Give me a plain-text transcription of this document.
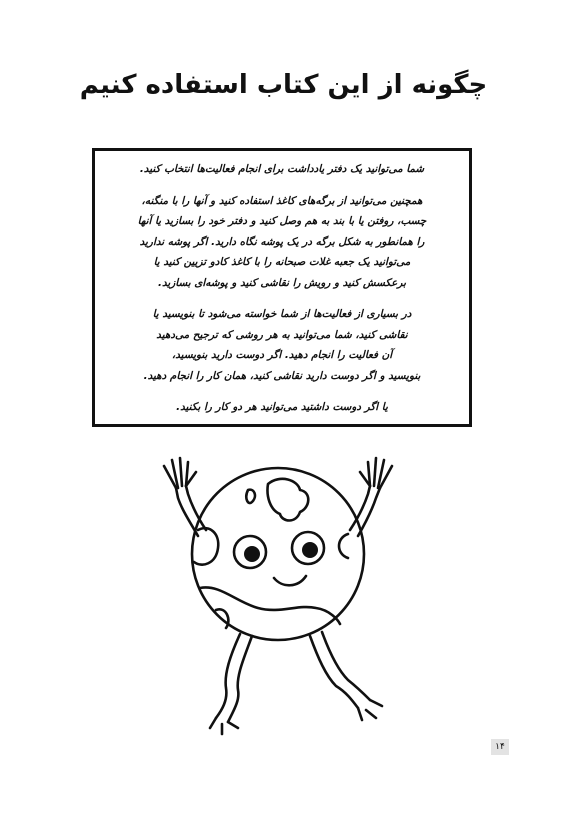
چگونه از این کتاب استفاده کنیم

شما می‌توانید یک دفتر یادداشت برای انجام فعالیت‌ها انتخاب کنید.

همچنین می‌توانید از برگه‌های کاغذ استفاده کنید و آنها را با منگنه،
چسب، روفتن یا با بند به هم وصل کنید و دفتر خود را بسازید یا آنها
را همانطور به شکل برگه در یک پوشه نگاه دارید. اگر پوشه ندارید
می‌توانید یک جعبه غلات صبحانه را با کاغذ کادو تزیین کنید یا
برعکسش کنید و رویش را نقاشی کنید و پوشه‌ای بسازید.

در بسیاری از فعالیت‌ها از شما خواسته می‌شود تا بنویسید یا
نقاشی کنید، شما می‌توانید به هر روشی که ترجیح می‌دهید
آن فعالیت را انجام دهید. اگر دوست دارید بنویسید،
بنویسید و اگر دوست دارید نقاشی کنید، همان کار را انجام دهید.

یا اگر دوست داشتید می‌توانید هر دو کار را بکنید.

۱۴
